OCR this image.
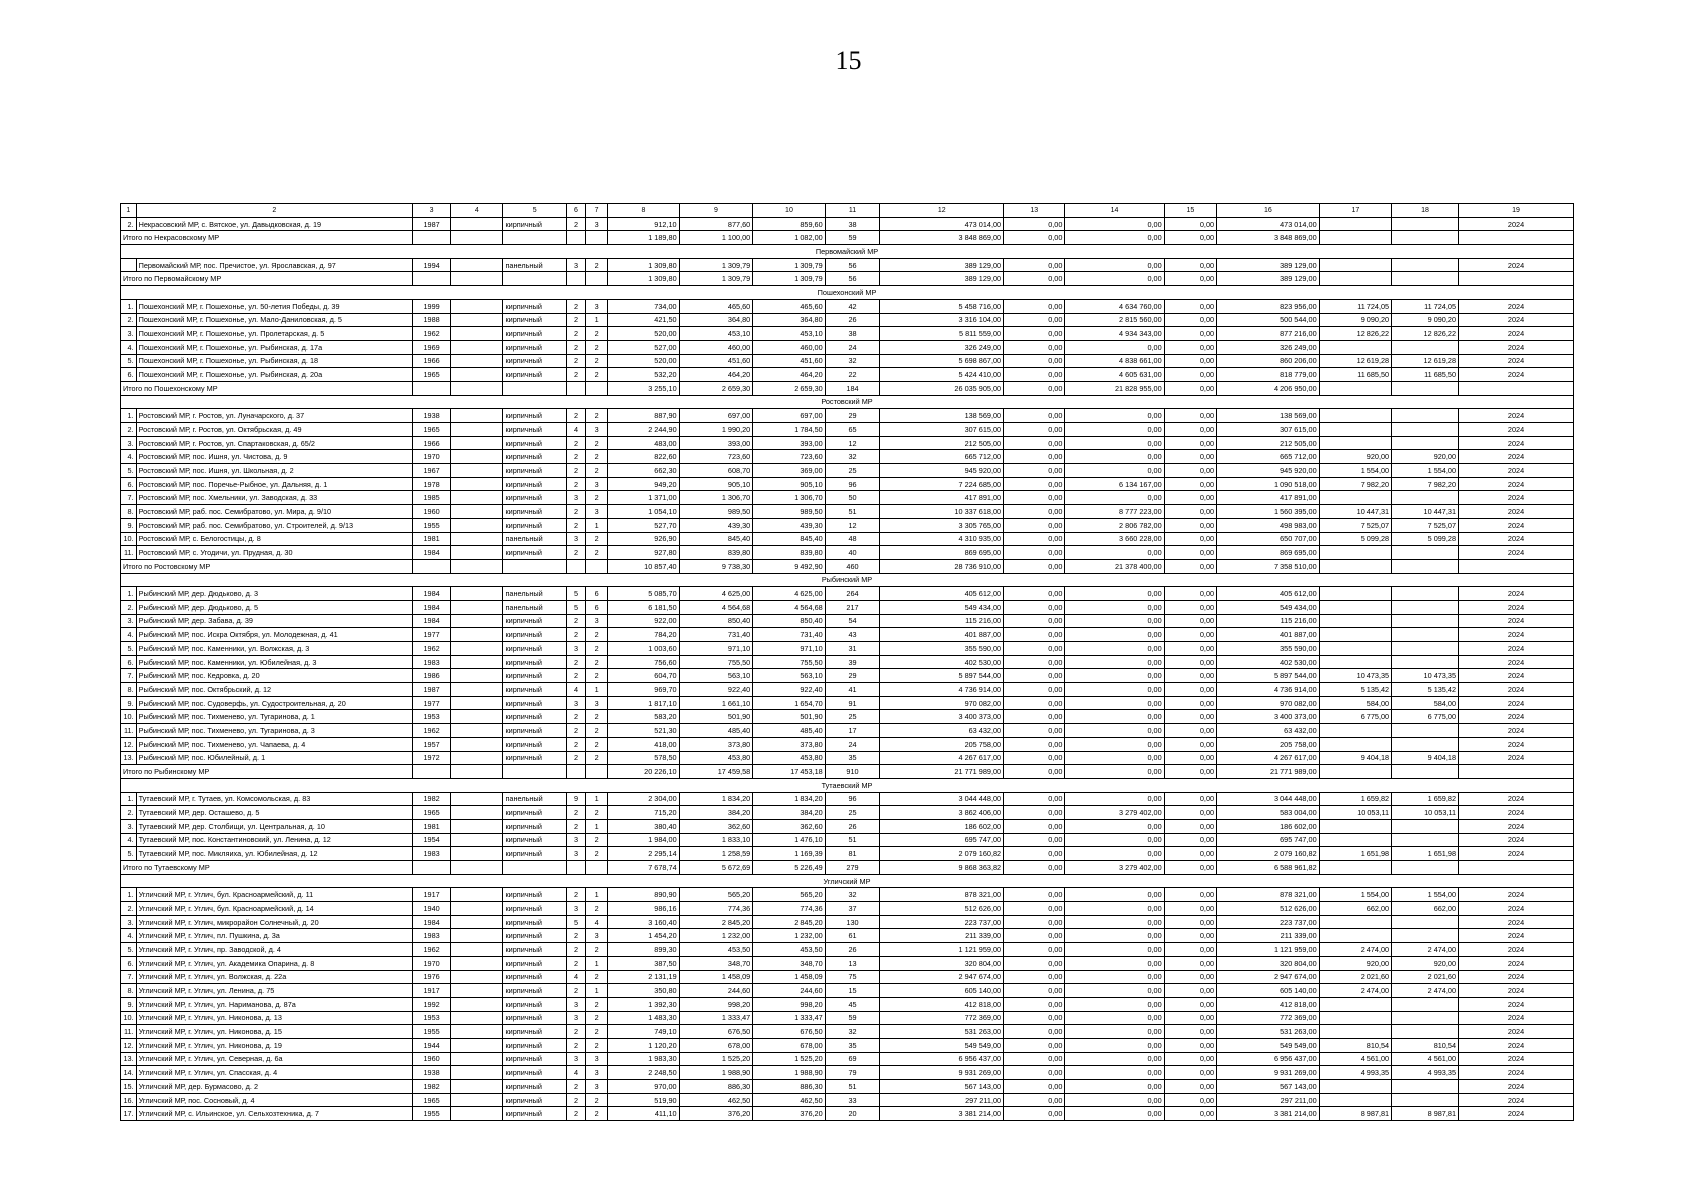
15
1	2	3	4	5	6	7	8	9	10	11	12	13	14	15	16	17	18	19
2.	Некрасовский МР, с. Вятское, ул. Давыдковская, д. 19	1987		кирпичный	2	3	912,10	877,60	859,60	38	473 014,00	0,00	0,00	0,00	473 014,00			2024
Итого по Некрасовскому МР							1 189,80	1 100,00	1 082,00	59	3 848 869,00	0,00	0,00	0,00	3 848 869,00			
Первомайский МР																		
	Первомайский МР, пос. Пречистое, ул. Ярославская, д. 97	1994		панельный	3	2	1 309,80	1 309,79	1 309,79	56	389 129,00	0,00	0,00	0,00	389 129,00			2024
Итого по Первомайскому МР							1 309,80	1 309,79	1 309,79	56	389 129,00	0,00	0,00	0,00	389 129,00			
Пошехонский МР																		
1.	Пошехонский МР, г. Пошехонье, ул. 50-летия Победы, д. 39	1999		кирпичный	2	3	734,00	465,60	465,60	42	5 458 716,00	0,00	4 634 760,00	0,00	823 956,00	11 724,05	11 724,05	2024
2.	Пошехонский МР, г. Пошехонье, ул. Мало-Даниловская, д. 5	1988		кирпичный	2	1	421,50	364,80	364,80	26	3 316 104,00	0,00	2 815 560,00	0,00	500 544,00	9 090,20	9 090,20	2024
3.	Пошехонский МР, г. Пошехонье, ул. Пролетарская, д. 5	1962		кирпичный	2	2	520,00	453,10	453,10	38	5 811 559,00	0,00	4 934 343,00	0,00	877 216,00	12 826,22	12 826,22	2024
4.	Пошехонский МР, г. Пошехонье, ул. Рыбинская, д. 17а	1969		кирпичный	2	2	527,00	460,00	460,00	24	326 249,00	0,00	0,00	0,00	326 249,00			2024
5.	Пошехонский МР, г. Пошехонье, ул. Рыбинская, д. 18	1966		кирпичный	2	2	520,00	451,60	451,60	32	5 698 867,00	0,00	4 838 661,00	0,00	860 206,00	12 619,28	12 619,28	2024
6.	Пошехонский МР, г. Пошехонье, ул. Рыбинская, д. 20а	1965		кирпичный	2	2	532,20	464,20	464,20	22	5 424 410,00	0,00	4 605 631,00	0,00	818 779,00	11 685,50	11 685,50	2024
Итого по Пошехонскому МР							3 255,10	2 659,30	2 659,30	184	26 035 905,00	0,00	21 828 955,00	0,00	4 206 950,00			
Ростовский МР																		
1.	Ростовский МР, г. Ростов, ул. Луначарского, д. 37	1938		кирпичный	2	2	887,90	697,00	697,00	29	138 569,00	0,00	0,00	0,00	138 569,00			2024
2.	Ростовский МР, г. Ростов, ул. Октябрьская, д. 49	1965		кирпичный	4	3	2 244,90	1 990,20	1 784,50	65	307 615,00	0,00	0,00	0,00	307 615,00			2024
3.	Ростовский МР, г. Ростов, ул. Спартаковская, д. 65/2	1966		кирпичный	2	2	483,00	393,00	393,00	12	212 505,00	0,00	0,00	0,00	212 505,00			2024
4.	Ростовский МР, пос. Ишня, ул. Чистова, д. 9	1970		кирпичный	2	2	822,60	723,60	723,60	32	665 712,00	0,00	0,00	0,00	665 712,00	920,00	920,00	2024
5.	Ростовский МР, пос. Ишня, ул. Школьная, д. 2	1967		кирпичный	2	2	662,30	608,70	369,00	25	945 920,00	0,00	0,00	0,00	945 920,00	1 554,00	1 554,00	2024
6.	Ростовский МР, пос. Поречье-Рыбное, ул. Дальняя, д. 1	1978		кирпичный	2	3	949,20	905,10	905,10	96	7 224 685,00	0,00	6 134 167,00	0,00	1 090 518,00	7 982,20	7 982,20	2024
7.	Ростовский МР, пос. Хмельники, ул. Заводская, д. 33	1985		кирпичный	3	2	1 371,00	1 306,70	1 306,70	50	417 891,00	0,00	0,00	0,00	417 891,00			2024
8.	Ростовский МР, раб. пос. Семибратово, ул. Мира, д. 9/10	1960		кирпичный	2	3	1 054,10	989,50	989,50	51	10 337 618,00	0,00	8 777 223,00	0,00	1 560 395,00	10 447,31	10 447,31	2024
9.	Ростовский МР, раб. пос. Семибратово, ул. Строителей, д. 9/13	1955		кирпичный	2	1	527,70	439,30	439,30	12	3 305 765,00	0,00	2 806 782,00	0,00	498 983,00	7 525,07	7 525,07	2024
10.	Ростовский МР, с. Белогостицы, д. 8	1981		панельный	3	2	926,90	845,40	845,40	48	4 310 935,00	0,00	3 660 228,00	0,00	650 707,00	5 099,28	5 099,28	2024
11.	Ростовский МР, с. Угодичи, ул. Прудная, д. 30	1984		кирпичный	2	2	927,80	839,80	839,80	40	869 695,00	0,00	0,00	0,00	869 695,00			2024
Итого по Ростовскому МР							10 857,40	9 738,30	9 492,90	460	28 736 910,00	0,00	21 378 400,00	0,00	7 358 510,00			
Рыбинский МР																		
1.	Рыбинский МР, дер. Дюдьково, д. 3	1984		панельный	5	6	5 085,70	4 625,00	4 625,00	264	405 612,00	0,00	0,00	0,00	405 612,00			2024
2.	Рыбинский МР, дер. Дюдьково, д. 5	1984		панельный	5	6	6 181,50	4 564,68	4 564,68	217	549 434,00	0,00	0,00	0,00	549 434,00			2024
3.	Рыбинский МР, дер. Забава, д. 39	1984		кирпичный	2	3	922,00	850,40	850,40	54	115 216,00	0,00	0,00	0,00	115 216,00			2024
4.	Рыбинский МР, пос. Искра Октября, ул. Молодежная, д. 41	1977		кирпичный	2	2	784,20	731,40	731,40	43	401 887,00	0,00	0,00	0,00	401 887,00			2024
5.	Рыбинский МР, пос. Каменники, ул. Волжская, д. 3	1962		кирпичный	3	2	1 003,60	971,10	971,10	31	355 590,00	0,00	0,00	0,00	355 590,00			2024
6.	Рыбинский МР, пос. Каменники, ул. Юбилейная, д. 3	1983		кирпичный	2	2	756,60	755,50	755,50	39	402 530,00	0,00	0,00	0,00	402 530,00			2024
7.	Рыбинский МР, пос. Кедровка, д. 20	1986		кирпичный	2	2	604,70	563,10	563,10	29	5 897 544,00	0,00	0,00	0,00	5 897 544,00	10 473,35	10 473,35	2024
8.	Рыбинский МР, пос. Октябрьский, д. 12	1987		кирпичный	4	1	969,70	922,40	922,40	41	4 736 914,00	0,00	0,00	0,00	4 736 914,00	5 135,42	5 135,42	2024
9.	Рыбинский МР, пос. Судоверфь, ул. Судостроительная, д. 20	1977		кирпичный	3	3	1 817,10	1 661,10	1 654,70	91	970 082,00	0,00	0,00	0,00	970 082,00	584,00	584,00	2024
10.	Рыбинский МР, пос. Тихменево, ул. Тугаринова, д. 1	1953		кирпичный	2	2	583,20	501,90	501,90	25	3 400 373,00	0,00	0,00	0,00	3 400 373,00	6 775,00	6 775,00	2024
11.	Рыбинский МР, пос. Тихменево, ул. Тугаринова, д. 3	1962		кирпичный	2	2	521,30	485,40	485,40	17	63 432,00	0,00	0,00	0,00	63 432,00			2024
12.	Рыбинский МР, пос. Тихменево, ул. Чапаева, д. 4	1957		кирпичный	2	2	418,00	373,80	373,80	24	205 758,00	0,00	0,00	0,00	205 758,00			2024
13.	Рыбинский МР, пос. Юбилейный, д. 1	1972		кирпичный	2	2	578,50	453,80	453,80	35	4 267 617,00	0,00	0,00	0,00	4 267 617,00	9 404,18	9 404,18	2024
Итого по Рыбинскому МР							20 226,10	17 459,58	17 453,18	910	21 771 989,00	0,00	0,00	0,00	21 771 989,00			
Тутаевский МР																		
1.	Тутаевский МР, г. Тутаев, ул. Комсомольская, д. 83	1982		панельный	9	1	2 304,00	1 834,20	1 834,20	96	3 044 448,00	0,00	0,00	0,00	3 044 448,00	1 659,82	1 659,82	2024
2.	Тутаевский МР, дер. Осташево, д. 5	1965		кирпичный	2	2	715,20	384,20	384,20	25	3 862 406,00	0,00	3 279 402,00	0,00	583 004,00	10 053,11	10 053,11	2024
3.	Тутаевский МР, дер. Столбищи, ул. Центральная, д. 10	1981		кирпичный	2	1	380,40	362,60	362,60	26	186 602,00	0,00	0,00	0,00	186 602,00			2024
4.	Тутаевский МР, пос. Константиновский, ул. Ленина, д. 12	1954		кирпичный	3	2	1 984,00	1 833,10	1 476,10	51	695 747,00	0,00	0,00	0,00	695 747,00			2024
5.	Тутаевский МР, пос. Микляиха, ул. Юбилейная, д. 12	1983		кирпичный	3	2	2 295,14	1 258,59	1 169,39	81	2 079 160,82	0,00	0,00	0,00	2 079 160,82	1 651,98	1 651,98	2024
Итого по Тутаевскому МР							7 678,74	5 672,69	5 226,49	279	9 868 363,82	0,00	3 279 402,00	0,00	6 588 961,82			
Угличский МР																		
1.	Угличский МР, г. Углич, бул. Красноармейский, д. 11	1917		кирпичный	2	1	890,90	565,20	565,20	32	878 321,00	0,00	0,00	0,00	878 321,00	1 554,00	1 554,00	2024
2.	Угличский МР, г. Углич, бул. Красноармейский, д. 14	1940		кирпичный	3	2	986,16	774,36	774,36	37	512 626,00	0,00	0,00	0,00	512 626,00	662,00	662,00	2024
3.	Угличский МР, г. Углич, микрорайон Солнечный, д. 20	1984		кирпичный	5	4	3 160,40	2 845,20	2 845,20	130	223 737,00	0,00	0,00	0,00	223 737,00			2024
4.	Угличский МР, г. Углич, пл. Пушкина, д. 3а	1983		кирпичный	2	3	1 454,20	1 232,00	1 232,00	61	211 339,00	0,00	0,00	0,00	211 339,00			2024
5.	Угличский МР, г. Углич, пр. Заводской, д. 4	1962		кирпичный	2	2	899,30	453,50	453,50	26	1 121 959,00	0,00	0,00	0,00	1 121 959,00	2 474,00	2 474,00	2024
6.	Угличский МР, г. Углич, ул. Академика Опарина, д. 8	1970		кирпичный	2	1	387,50	348,70	348,70	13	320 804,00	0,00	0,00	0,00	320 804,00	920,00	920,00	2024
7.	Угличский МР, г. Углич, ул. Волжская, д. 22а	1976		кирпичный	4	2	2 131,19	1 458,09	1 458,09	75	2 947 674,00	0,00	0,00	0,00	2 947 674,00	2 021,60	2 021,60	2024
8.	Угличский МР, г. Углич, ул. Ленина, д. 75	1917		кирпичный	2	1	350,80	244,60	244,60	15	605 140,00	0,00	0,00	0,00	605 140,00	2 474,00	2 474,00	2024
9.	Угличский МР, г. Углич, ул. Нариманова, д. 87а	1992		кирпичный	3	2	1 392,30	998,20	998,20	45	412 818,00	0,00	0,00	0,00	412 818,00			2024
10.	Угличский МР, г. Углич, ул. Никонова, д. 13	1953		кирпичный	3	2	1 483,30	1 333,47	1 333,47	59	772 369,00	0,00	0,00	0,00	772 369,00			2024
11.	Угличский МР, г. Углич, ул. Никонова, д. 15	1955		кирпичный	2	2	749,10	676,50	676,50	32	531 263,00	0,00	0,00	0,00	531 263,00			2024
12.	Угличский МР, г. Углич, ул. Никонова, д. 19	1944		кирпичный	2	2	1 120,20	678,00	678,00	35	549 549,00	0,00	0,00	0,00	549 549,00	810,54	810,54	2024
13.	Угличский МР, г. Углич, ул. Северная, д. 6а	1960		кирпичный	3	3	1 983,30	1 525,20	1 525,20	69	6 956 437,00	0,00	0,00	0,00	6 956 437,00	4 561,00	4 561,00	2024
14.	Угличский МР, г. Углич, ул. Спасская, д. 4	1938		кирпичный	4	3	2 248,50	1 988,90	1 988,90	79	9 931 269,00	0,00	0,00	0,00	9 931 269,00	4 993,35	4 993,35	2024
15.	Угличский МР, дер. Бурмасово, д. 2	1982		кирпичный	2	3	970,00	886,30	886,30	51	567 143,00	0,00	0,00	0,00	567 143,00			2024
16.	Угличский МР, пос. Сосновый, д. 4	1965		кирпичный	2	2	519,90	462,50	462,50	33	297 211,00	0,00	0,00	0,00	297 211,00			2024
17.	Угличский МР, с. Ильинское, ул. Сельхозтехника, д. 7	1955		кирпичный	2	2	411,10	376,20	376,20	20	3 381 214,00	0,00	0,00	0,00	3 381 214,00	8 987,81	8 987,81	2024
